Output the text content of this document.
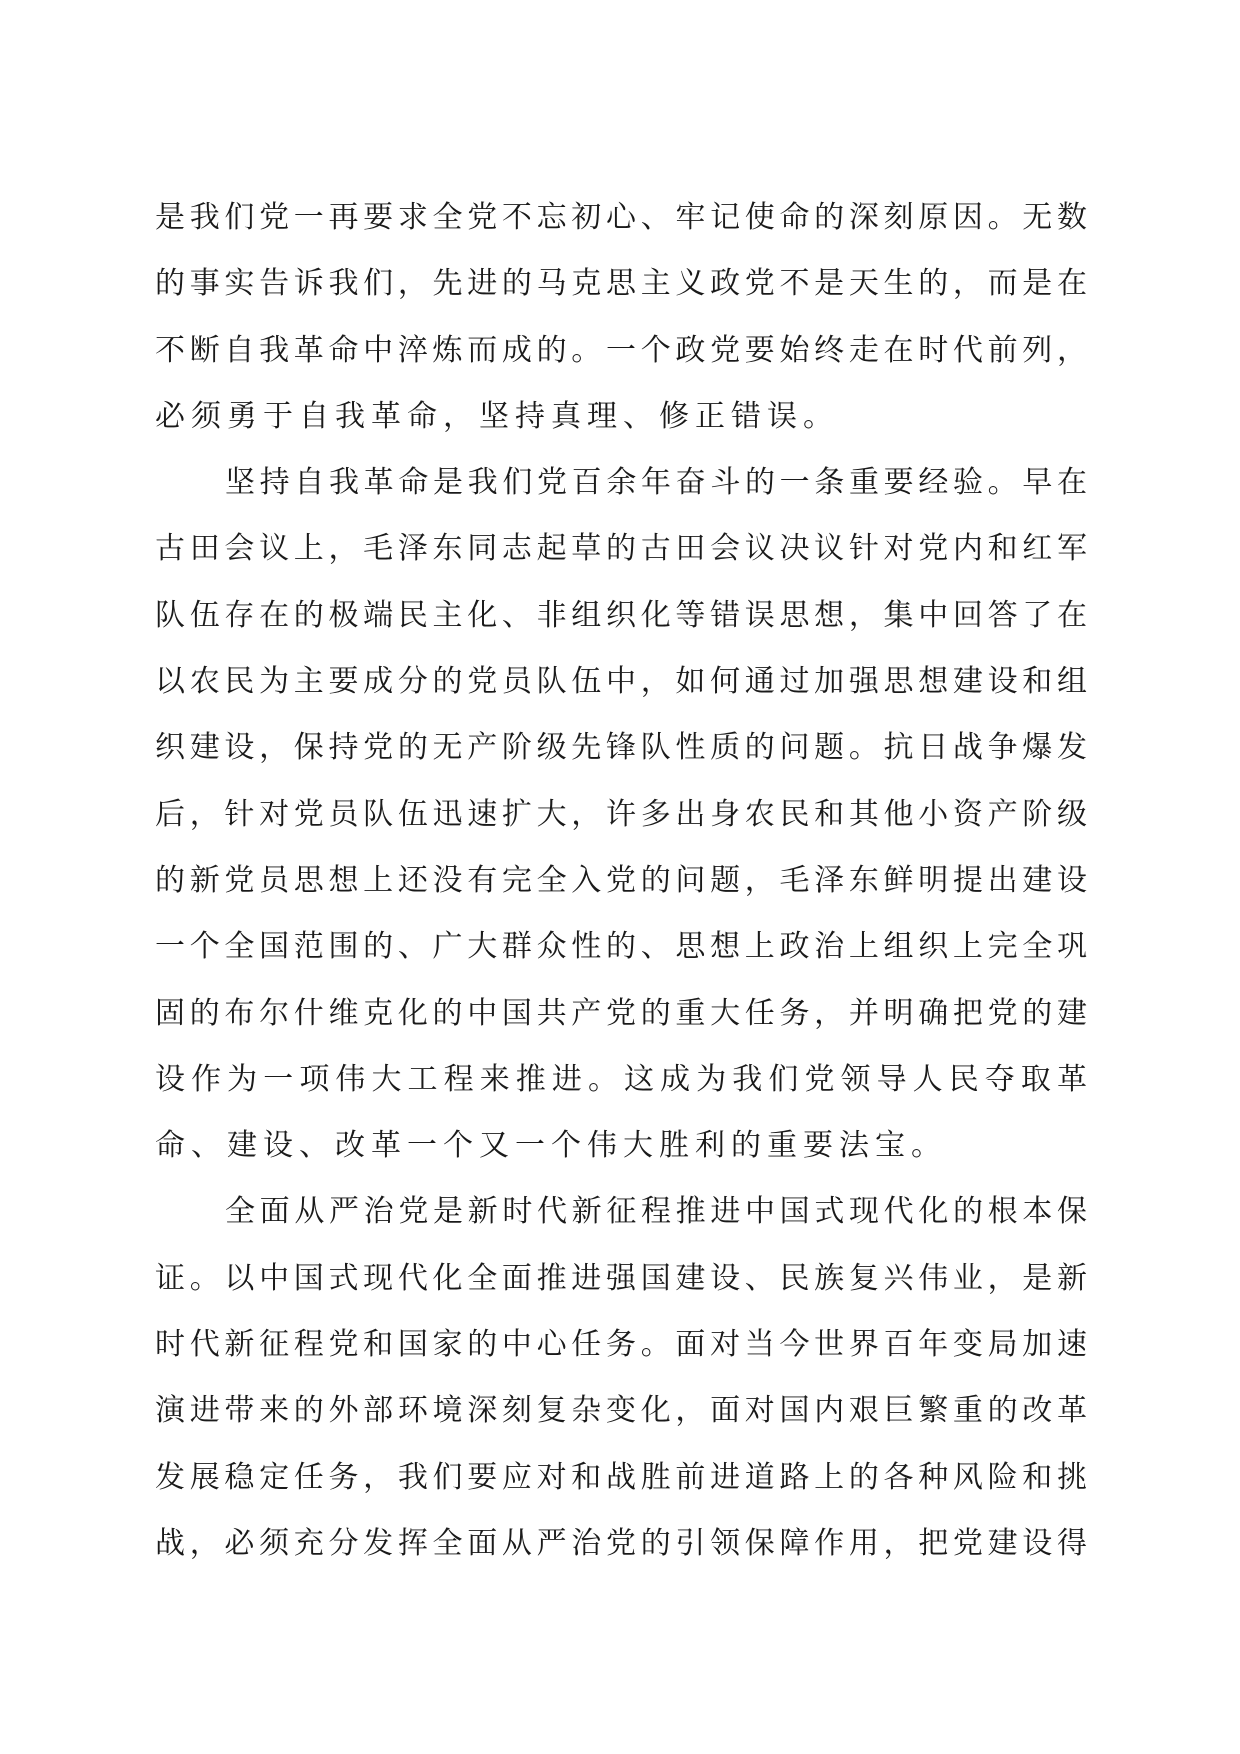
是我们党一再要求全党不忘初心、牢记使命的深刻原因。无数
的事实告诉我们，先进的马克思主义政党不是天生的，而是在
不断自我革命中淬炼而成的。一个政党要始终走在时代前列，
必须勇于自我革命，坚持真理、修正错误。
坚持自我革命是我们党百余年奋斗的一条重要经验。早在
古田会议上，毛泽东同志起草的古田会议决议针对党内和红军
队伍存在的极端民主化、非组织化等错误思想，集中回答了在
以农民为主要成分的党员队伍中，如何通过加强思想建设和组
织建设，保持党的无产阶级先锋队性质的问题。抗日战争爆发
后，针对党员队伍迅速扩大，许多出身农民和其他小资产阶级
的新党员思想上还没有完全入党的问题，毛泽东鲜明提出建设
一个全国范围的、广大群众性的、思想上政治上组织上完全巩
固的布尔什维克化的中国共产党的重大任务，并明确把党的建
设作为一项伟大工程来推进。这成为我们党领导人民夺取革
命、建设、改革一个又一个伟大胜利的重要法宝。
全面从严治党是新时代新征程推进中国式现代化的根本保
证。以中国式现代化全面推进强国建设、民族复兴伟业，是新
时代新征程党和国家的中心任务。面对当今世界百年变局加速
演进带来的外部环境深刻复杂变化，面对国内艰巨繁重的改革
发展稳定任务，我们要应对和战胜前进道路上的各种风险和挑
战，必须充分发挥全面从严治党的引领保障作用，把党建设得
